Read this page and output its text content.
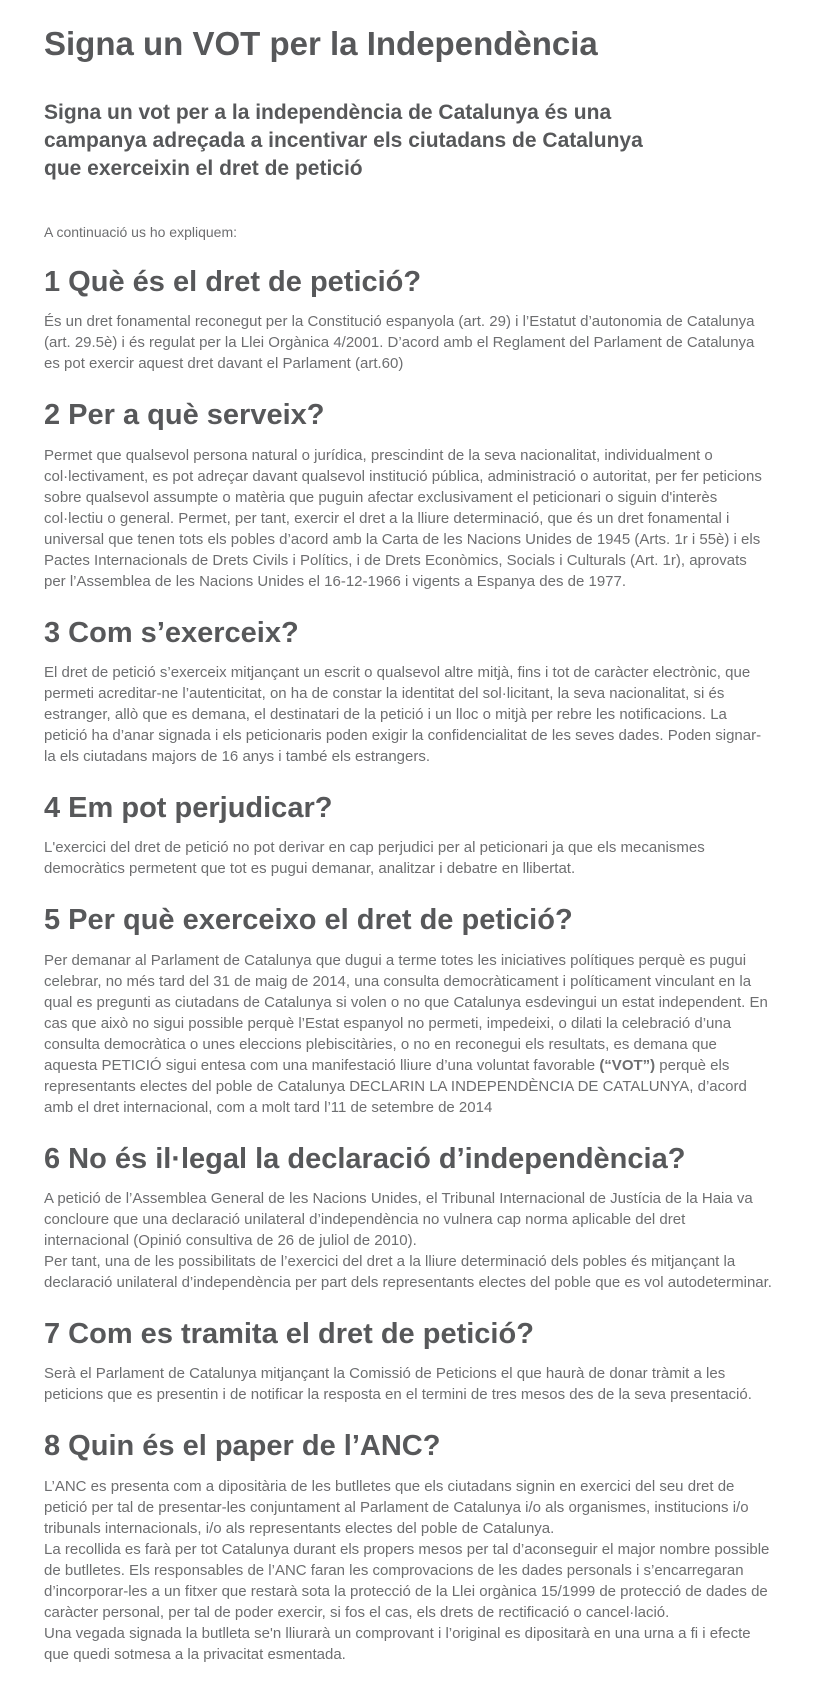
Signa un VOT per la Independència

Signa un vot per a la independència de Catalunya és una campanya adreçada a incentivar els ciutadans de Catalunya que exerceixin el dret de petició

A continuació us ho expliquem:

1 Què és el dret de petició?

És un dret fonamental reconegut per la Constitució espanyola (art. 29) i l’Estatut d’autonomia de Catalunya (art. 29.5è) i és regulat per la Llei Orgànica 4/2001. D’acord amb el Reglament del Parlament de Catalunya es pot exercir aquest dret davant el Parlament (art.60)

2 Per a què serveix?

Permet que qualsevol persona natural o jurídica, prescindint de la seva nacionalitat, individualment o col·lectivament, es pot adreçar davant qualsevol institució pública, administració o autoritat, per fer peticions sobre qualsevol assumpte o matèria que puguin afectar exclusivament el peticionari o siguin d'interès col·lectiu o general. Permet, per tant, exercir el dret a la lliure determinació, que és un dret fonamental i universal que tenen tots els pobles d’acord amb la Carta de les Nacions Unides de 1945 (Arts. 1r i 55è) i els Pactes Internacionals de Drets Civils i Polítics, i de Drets Econòmics, Socials i Culturals (Art. 1r), aprovats per l’Assemblea de les Nacions Unides el 16-12-1966 i vigents a Espanya des de 1977.

3 Com s’exerceix?

El dret de petició s’exerceix mitjançant un escrit o qualsevol altre mitjà, fins i tot de caràcter electrònic, que permeti acreditar-ne l’autenticitat, on ha de constar la identitat del sol·licitant, la seva nacionalitat, si és estranger, allò que es demana, el destinatari de la petició i un lloc o mitjà per rebre les notificacions. La petició ha d’anar signada i els peticionaris poden exigir la confidencialitat de les seves dades. Poden signar-la els ciutadans majors de 16 anys i també els estrangers.

4 Em pot perjudicar?

L'exercici del dret de petició no pot derivar en cap perjudici per al peticionari ja que els mecanismes democràtics permetent que tot es pugui demanar, analitzar i debatre en llibertat.

5 Per què exerceixo el dret de petició?

Per demanar al Parlament de Catalunya que dugui a terme totes les iniciatives polítiques perquè es pugui celebrar, no més tard del 31 de maig de 2014, una consulta democràticament i políticament vinculant en la qual es pregunti as ciutadans de Catalunya si volen o no que Catalunya esdevingui un estat independent. En cas que això no sigui possible perquè l’Estat espanyol no permeti, impedeixi, o dilati la celebració d’una consulta democràtica o unes eleccions plebiscitàries, o no en reconegui els resultats, es demana que aquesta PETICIÓ sigui entesa com una manifestació lliure d’una voluntat favorable (“VOT”) perquè els representants electes del poble de Catalunya DECLARIN LA INDEPENDÈNCIA DE CATALUNYA, d’acord amb el dret internacional, com a molt tard l’11 de setembre de 2014

6 No és il·legal la declaració d’independència?

A petició de l’Assemblea General de les Nacions Unides, el Tribunal Internacional de Justícia de la Haia va concloure que una declaració unilateral d’independència no vulnera cap norma aplicable del dret internacional (Opinió consultiva de 26 de juliol de 2010).

Per tant, una de les possibilitats de l’exercici del dret a la lliure determinació dels pobles és mitjançant la declaració unilateral d’independència per part dels representants electes del poble que es vol autodeterminar.

7 Com es tramita el dret de petició?

Serà el Parlament de Catalunya mitjançant la Comissió de Peticions el que haurà de donar tràmit a les peticions que es presentin i de notificar la resposta en el termini de tres mesos des de la seva presentació.

8 Quin és el paper de l’ANC?

L’ANC es presenta com a dipositària de les butlletes que els ciutadans signin en exercici del seu dret de petició per tal de presentar-les conjuntament al Parlament de Catalunya i/o als organismes, institucions i/o tribunals internacionals, i/o als representants electes del poble de Catalunya.

La recollida es farà per tot Catalunya durant els propers mesos per tal d’aconseguir el major nombre possible de butlletes. Els responsables de l’ANC faran les comprovacions de les dades personals i s’encarregaran d’incorporar-les a un fitxer que restarà sota la protecció de la Llei orgànica 15/1999 de protecció de dades de caràcter personal, per tal de poder exercir, si fos el cas, els drets de rectificació o cancel·lació.

Una vegada signada la butlleta se'n lliurarà un comprovant i l’original es dipositarà en una urna a fi i efecte que quedi sotmesa a la privacitat esmentada.
